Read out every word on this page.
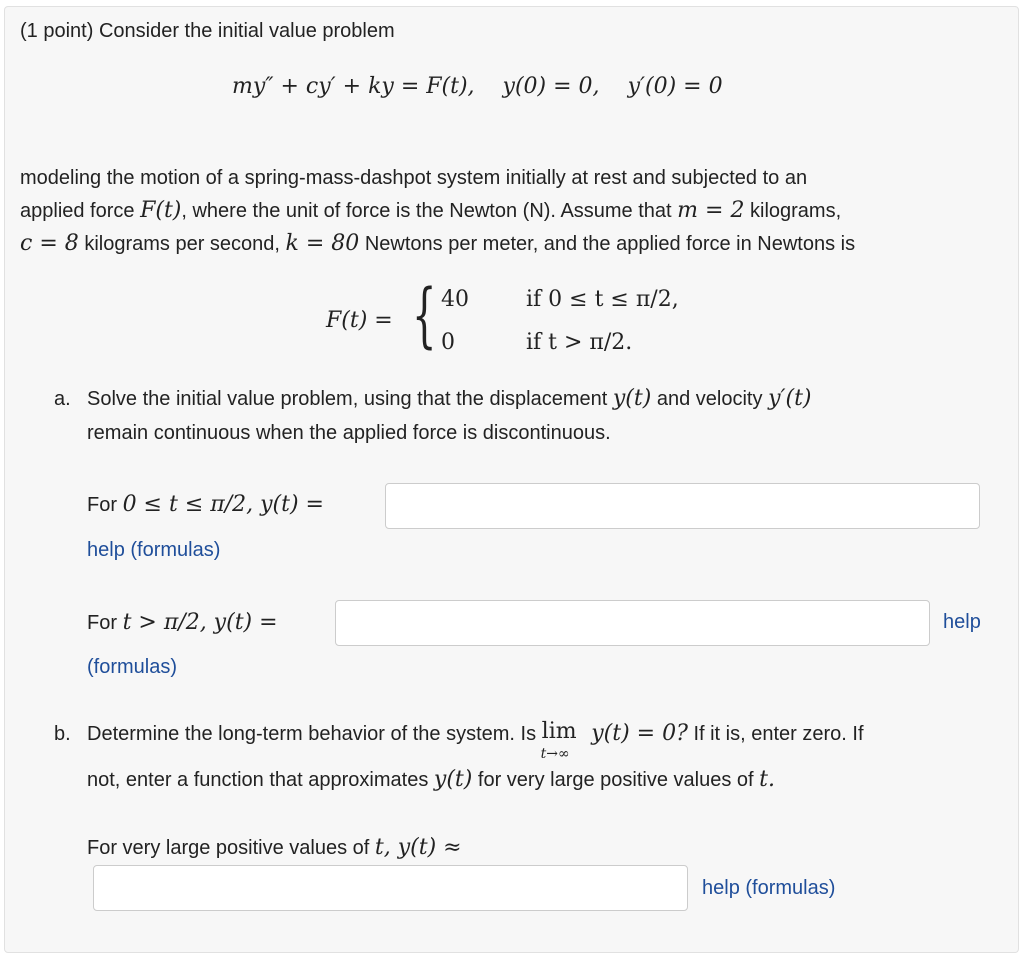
(1 point) Consider the initial value problem
my″ + cy′ + ky = F(t), y(0) = 0, y′(0) = 0
modeling the motion of a spring-mass-dashpot system initially at rest and subjected to an
applied force F(t), where the unit of force is the Newton (N). Assume that m = 2 kilograms,
c = 8 kilograms per second, k = 80 Newtons per meter, and the applied force in Newtons is
F(t) = { 40	if 0 ≤ t ≤ π/2,
0	if t > π/2.
a. Solve the initial value problem, using that the displacement y(t) and velocity y′(t)
remain continuous when the applied force is discontinuous.
For 0 ≤ t ≤ π/2, y(t) =
help (formulas)
For t > π/2, y(t) =	help
(formulas)
b. Determine the long-term behavior of the system. Is lim
t→∞
y(t) = 0? If it is, enter zero. If
not, enter a function that approximates y(t) for very large positive values of t.
For very large positive values of t, y(t) ≈
help (formulas)
